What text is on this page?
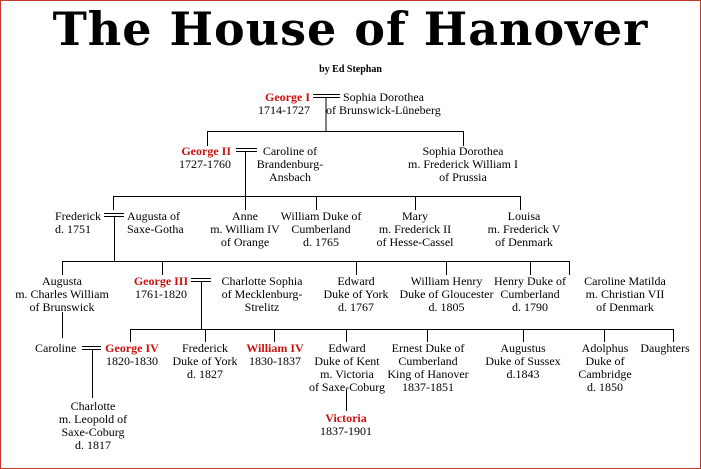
The House of Hanover
by Ed Stephan
George I
1714-1727
Sophia Dorothea
of Brunswick-Lüneberg
George II
1727-1760
Caroline of
Brandenburg-
Ansbach
Sophia Dorothea
m. Frederick William I
of Prussia
Frederick
d. 1751
Augusta of
Saxe-Gotha
Anne
m. William IV
of Orange
William Duke of
Cumberland
d. 1765
Mary
m. Frederick II
of Hesse-Cassel
Louisa
m. Frederick V
of Denmark
Augusta
m. Charles William
of Brunswick
George III
1761-1820
Charlotte Sophia
of Mecklenburg-
Strelitz
Edward
Duke of York
d. 1767
William Henry
Duke of Gloucester
d. 1805
Henry Duke of
Cumberland
d. 1790
Caroline Matilda
m. Christian VII
of Denmark
Caroline	George IV
1820-1830
Frederick
Duke of York
d. 1827
William IV
1830-1837
Edward
Duke of Kent
m. Victoria
of Saxe-Coburg
Ernest Duke of
Cumberland
King of Hanover
1837-1851
Augustus
Duke of Sussex
d.1843
Adolphus
Duke of
Cambridge
d. 1850
Daughters
Charlotte
m. Leopold of
Saxe-Coburg
d. 1817
Victoria
1837-1901
